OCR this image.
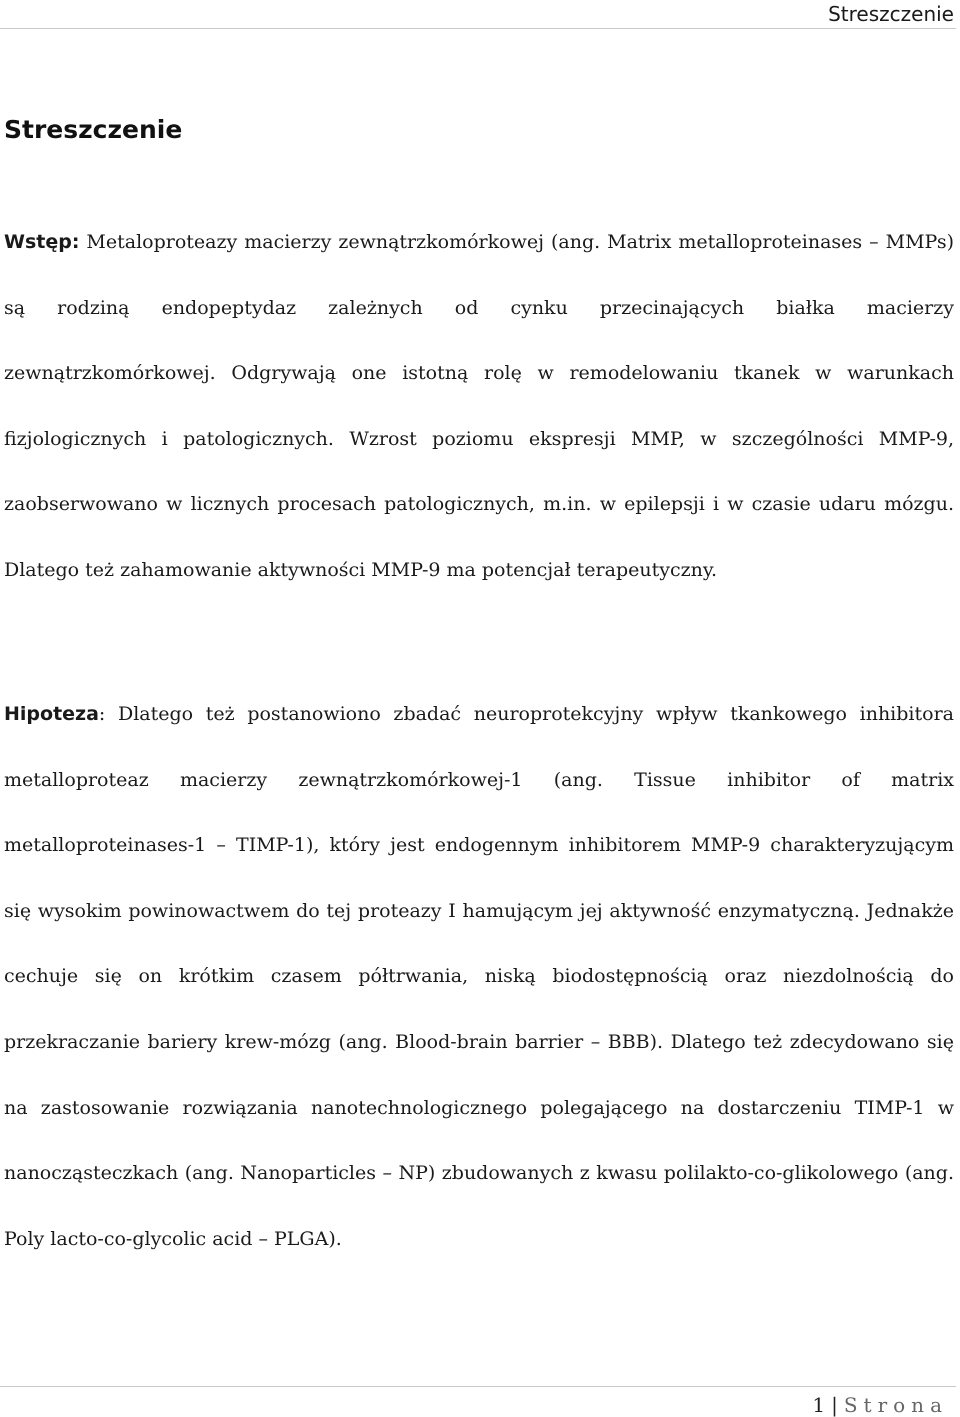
Streszczenie
Streszczenie

Wstęp: Metaloproteazy macierzy zewnątrzkomórkowej (ang. Matrix metalloproteinases – MMPs) są rodziną endopeptydaz zależnych od cynku przecinających białka macierzy zewnątrzkomórkowej. Odgrywają one istotną rolę w remodelowaniu tkanek w warunkach fizjologicznych i patologicznych. Wzrost poziomu ekspresji MMP, w szczególności MMP-9, zaobserwowano w licznych procesach patologicznych, m.in. w epilepsji i w czasie udaru mózgu. Dlatego też zahamowanie aktywności MMP-9 ma potencjał terapeutyczny.

Hipoteza: Dlatego też postanowiono zbadać neuroprotekcyjny wpływ tkankowego inhibitora metalloproteaz macierzy zewnątrzkomórkowej-1 (ang. Tissue inhibitor of matrix metalloproteinases-1 – TIMP-1), który jest endogennym inhibitorem MMP-9 charakteryzującym się wysokim powinowactwem do tej proteazy I hamującym jej aktywność enzymatyczną. Jednakże cechuje się on krótkim czasem półtrwania, niską biodostępnością oraz niezdolnością do przekraczanie bariery krew-mózg (ang. Blood-brain barrier – BBB). Dlatego też zdecydowano się na zastosowanie rozwiązania nanotechnologicznego polegającego na dostarczeniu TIMP-1 w nanocząsteczkach (ang. Nanoparticles – NP) zbudowanych z kwasu polilakto-co-glikolowego (ang. Poly lacto-co-glycolic acid – PLGA).

1 | Strona
